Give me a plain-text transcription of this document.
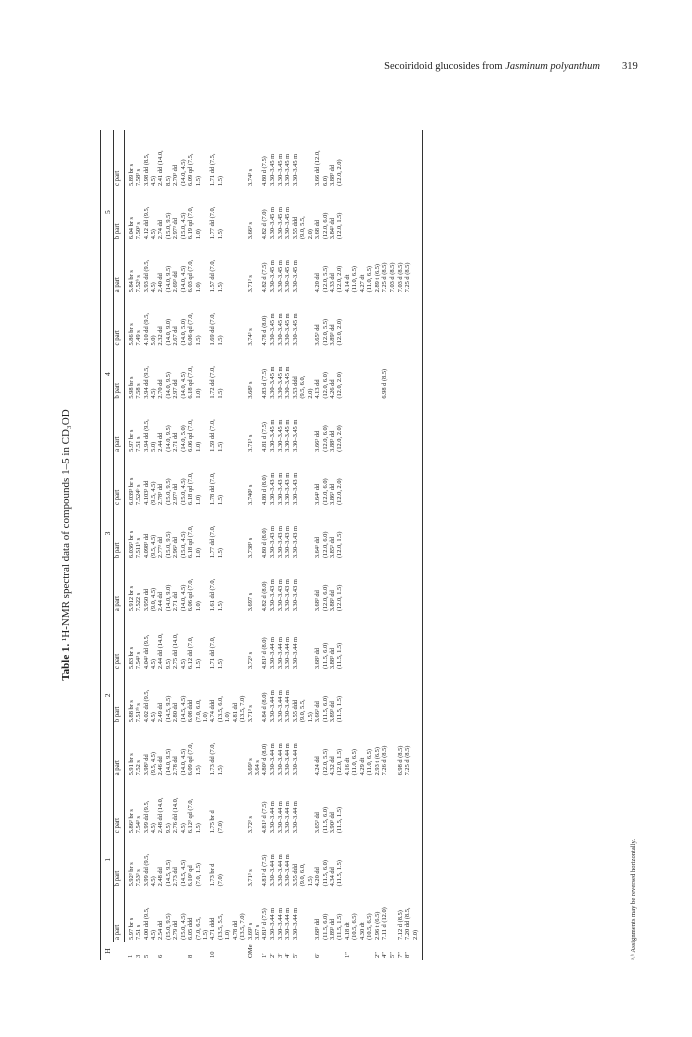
Secoiridoid glucosides from Jasminum polyanthum 319
Table 1. ¹H-NMR spectral data of compounds 1–5 in CD₃OD
H	1			2			3			4			5		
	a part	b part	c part	a part	b part	c part	a part	b part	c part	a part	b part	c part	a part	b part	c part
1	5.97 br s	5.92³ br s	5.86³ br s	5.91 br s	5.88 br s	5.83 br s	5.912 br s	6.036³ br s	6.039³ br s	5.97 br s	5.98 br s	5.86 br s	5.84 br s	6.04 br s	5.89 br s
3	7.51 s	7.53³ s	7.54³ s	7.52 s	7.51³ᵇ s	7.54³ s	7.522 s	7.511ᵇ s	7.524ᵇ s	7.51 s	7.58 s	7.49 s	7.52ᵇ s	7.50³ s	7.58³ s
5	4.00 dd (9.5,
4.5)	3.99 dd (9.5,
4.5)	3.99 dd (9.5,
4.5)	3.98³ dd
(9.5, 4.5)	4.02 dd (9.5,
4.5)	4.04³ dd (9.5,
4.5)	3.950 dd
(9.0, 4.5)	4.098³ dd
(9.5, 4.5)	4.103³ dd
(9.5, 4.5)	3.94 dd (9.5,
5.0)	3.94 dd (9.5,
4.5)	4.10 dd (9.5,
5.0)	3.93 dd (9.5,
4.5)	4.12 dd (9.5,
4.5)	3.98 dd (8.5,
4.5)
6	2.54 dd
(15.0, 9.5)
2.79 dd
(15.0, 4.5)	2.48 dd
(14.5, 9.5)
2.73 dd
(14.5, 4.5)	2.48 dd (14.0,
9.5)
2.76 dd (14.0,
4.5)	2.46 dd
(14.0, 9.5)
2.78 dd
(14.0, 4.5)	2.49 dd
(14.5, 9.5)
2.80 dd
(14.5, 4.5)	2.44 dd (14.0,
9.5)
2.75 dd (14.0,
4.5)	2.44 dd
(14.0, 9.0)
2.71 dd
(14.0, 4.5)	2.77³ dd
(15.0, 9.5)
2.96³ dd
(15.0, 4.5)	2.78³ dd
(15.0, 9.5)
2.97³ dd
(15.0, 4.5)	2.44 dd
(14.0, 9.5)
2.71 dd
(14.0, 5.0)	2.70 dd
(14.0, 9.5)
2.97 dd
(14.0, 4.5)	2.32 dd
(14.0, 9.0)
2.67 dd
(14.0, 5.0)	2.40 dd
(14.0, 9.5)
2.69³ dd
(14.0, 4.5)	2.74 dd
(15.0, 9.5)
2.97³ dd
(15.0, 4.5)	2.41 dd (14.0,
8.5)
2.70³ dd
(14.0, 4.5)
8	6.05 ddd
(7.0, 6.5,
1.5)	6.10³ qd
(7.0, 1.5)	6.12³ qd (7.0,
1.5)	6.09 qd (7.0,
1.5)	6.08 ddd
(7.0, 6.0,
1.0)	6.12 dd (7.0,
1.5)	6.06 qd (7.0,
1.0)	6.18 qd (7.0,
1.0)	6.18 qd (7.0,
1.0)	6.06 qd (7.0,
1.0)	6.18 qd (7.0,
1.0)	6.06 qd (7.0,
1.5)	6.03 qd (7.0,
1.0)	6.19 qd (7.0,
1.0)	6.09 qd (7.5,
1.5)
10	4.71 ddd
(13.5, 5.5,
1.0)
4.78 dd
(13.5, 7.0)	1.73 br d
(7.0)	1.75 br d
(7.0)	1.73 dd (7.0,
1.5)	4.74 ddd
(13.5, 6.0,
1.0)
4.81 dd
(13.5, 7.0)	1.71 dd (7.0,
1.5)	1.61 dd (7.0,
1.5)	1.77 dd (7.0,
1.5)	1.78 dd (7.0,
1.5)	1.59 dd (7.0,
1.5)	1.72 dd (7.0,
1.5)	1.69 dd (7.0,
1.5)	1.57 dd (7.0,
1.5)	1.77 dd (7.0,
1.5)	1.71 dd (7.5,
1.5)
OMe	3.69³ s
3.67 s	3.71³ s	3.72³ s	3.69³ s
3.64 s	3.71³ s	3.72³ s	3.697 s	3.738³ s	3.740³ s	3.71³ s	3.68³ s	3.74³ s	3.71³ s	3.66³ s	3.74³ s
1′	4.81³ d (7.5)	4.81³ d (7.5)	4.81³ d (7.5)	4.80³ d (8.0)	4.84 d (8.0)	4.81³ d (8.0)	4.82 d (8.0)	4.80 d (8.0)	4.80 d (8.0)	4.81 d (7.5)	4.83 d (7.5)	4.78 d (8.0)	4.82 d (7.5)	4.82 d (7.0)	4.80 d (7.5)
2′	3.30–3.44 m	3.30–3.44 m	3.30–3.44 m	3.30–3.44 m	3.30–3.44 m	3.30–3.44 m	3.30–3.43 m	3.30–3.43 m	3.30–3.43 m	3.30–3.45 m	3.30–3.45 m	3.30–3.45 m	3.30–3.45 m	3.30–3.45 m	3.30–3.45 m
3′	3.30–3.44 m	3.30–3.44 m	3.30–3.44 m	3.30–3.44 m	3.30–3.44 m	3.30–3.44 m	3.30–3.43 m	3.30–3.43 m	3.30–3.43 m	3.30–3.45 m	3.30–3.45 m	3.30–3.45 m	3.30–3.45 m	3.30–3.45 m	3.30–3.45 m
4′	3.30–3.44 m	3.30–3.44 m	3.30–3.44 m	3.30–3.44 m	3.30–3.44 m	3.30–3.44 m	3.30–3.43 m	3.30–3.43 m	3.30–3.43 m	3.30–3.45 m	3.30–3.45 m	3.30–3.45 m	3.30–3.45 m	3.30–3.45 m	3.30–3.45 m
5′	3.30–3.44 m	3.55 ddd
(9.0, 6.0,
1.5)	3.30–3.44 m	3.30–3.44 m	3.55 ddd
(9.0, 5.5,
1.5)	3.30–3.44 m	3.30–3.43 m	3.30–3.43 m	3.30–3.43 m	3.30–3.45 m	3.53 ddd
(9.5, 6.0,
2.0)	3.30–3.45 m	3.30–3.45 m	3.55 ddd
(9.0, 5.5,
2.0)	3.30–3.45 m
6′	3.68³ dd
(11.5, 6.0)
3.89³ dd
(11.5, 1.5)	4.20 dd
(11.5, 6.0)
4.34 dd
(11.5, 1.5)	3.65³ dd
(11.5, 6.0)
3.90³ dd
(11.5, 1.5)	4.24 dd
(12.0, 5.5)
4.32 dd
(12.0, 1.5)	3.66³ dd
(11.5, 6.0)
3.89³ dd
(11.5, 1.5)	3.68³ dd
(11.5, 6.0)
3.88³ dd
(11.5, 1.5)	3.68³ dd
(12.0, 6.0)
3.88³ dd
(12.0, 1.5)	3.64³ dd
(12.0, 6.0)
3.85³ dd
(12.0, 1.5)	3.64³ dd
(12.0, 6.0)
3.86³ dd
(12.0, 2.0)	3.66³ dd
(12.0, 6.0)
3.88³ dd
(12.0, 2.0)	4.13 dd
(12.0, 6.0)
4.26 dd
(12.0, 2.0)	3.65³ dd
(12.0, 5.5)
3.89³ dd
(12.0, 2.0)	4.20 dd
(12.0, 5.5)
4.33 dd
(12.0, 2.0)	3.68 dd
(12.0, 6.0)
3.84³ dd
(12.0, 1.5)	3.66 dd (12.0,
6.0)
3.88³ dd
(12.0, 2.0)
1″	4.18 dt
(10.5, 6.5)
4.30 dt
(10.5, 6.5)			4.16 dt
(11.0, 6.5)
4.29 dt
(11.0, 6.5)									4.14 dt
(11.0, 6.5)
4.27 dt
(11.0, 6.5)		
2″	2.96 t (6.5)			2.93 t (6.5)									2.89 t (6.5)		
4″	7.11 d (12.0)			7.26 d (8.5)							6.98 d (8.5)		7.25 d (8.5)		
5″													7.03 d (8.5)		
7″	7.12 d (8.5)			6.98 d (8.5)									7.03 d (8.5)		
8″	7.20 dd (8.5,
2.0)			7.25 d (8.5)									7.25 d (8.5)		
ᵃ˒ᵇ Assignments may be reversed horizontally.
